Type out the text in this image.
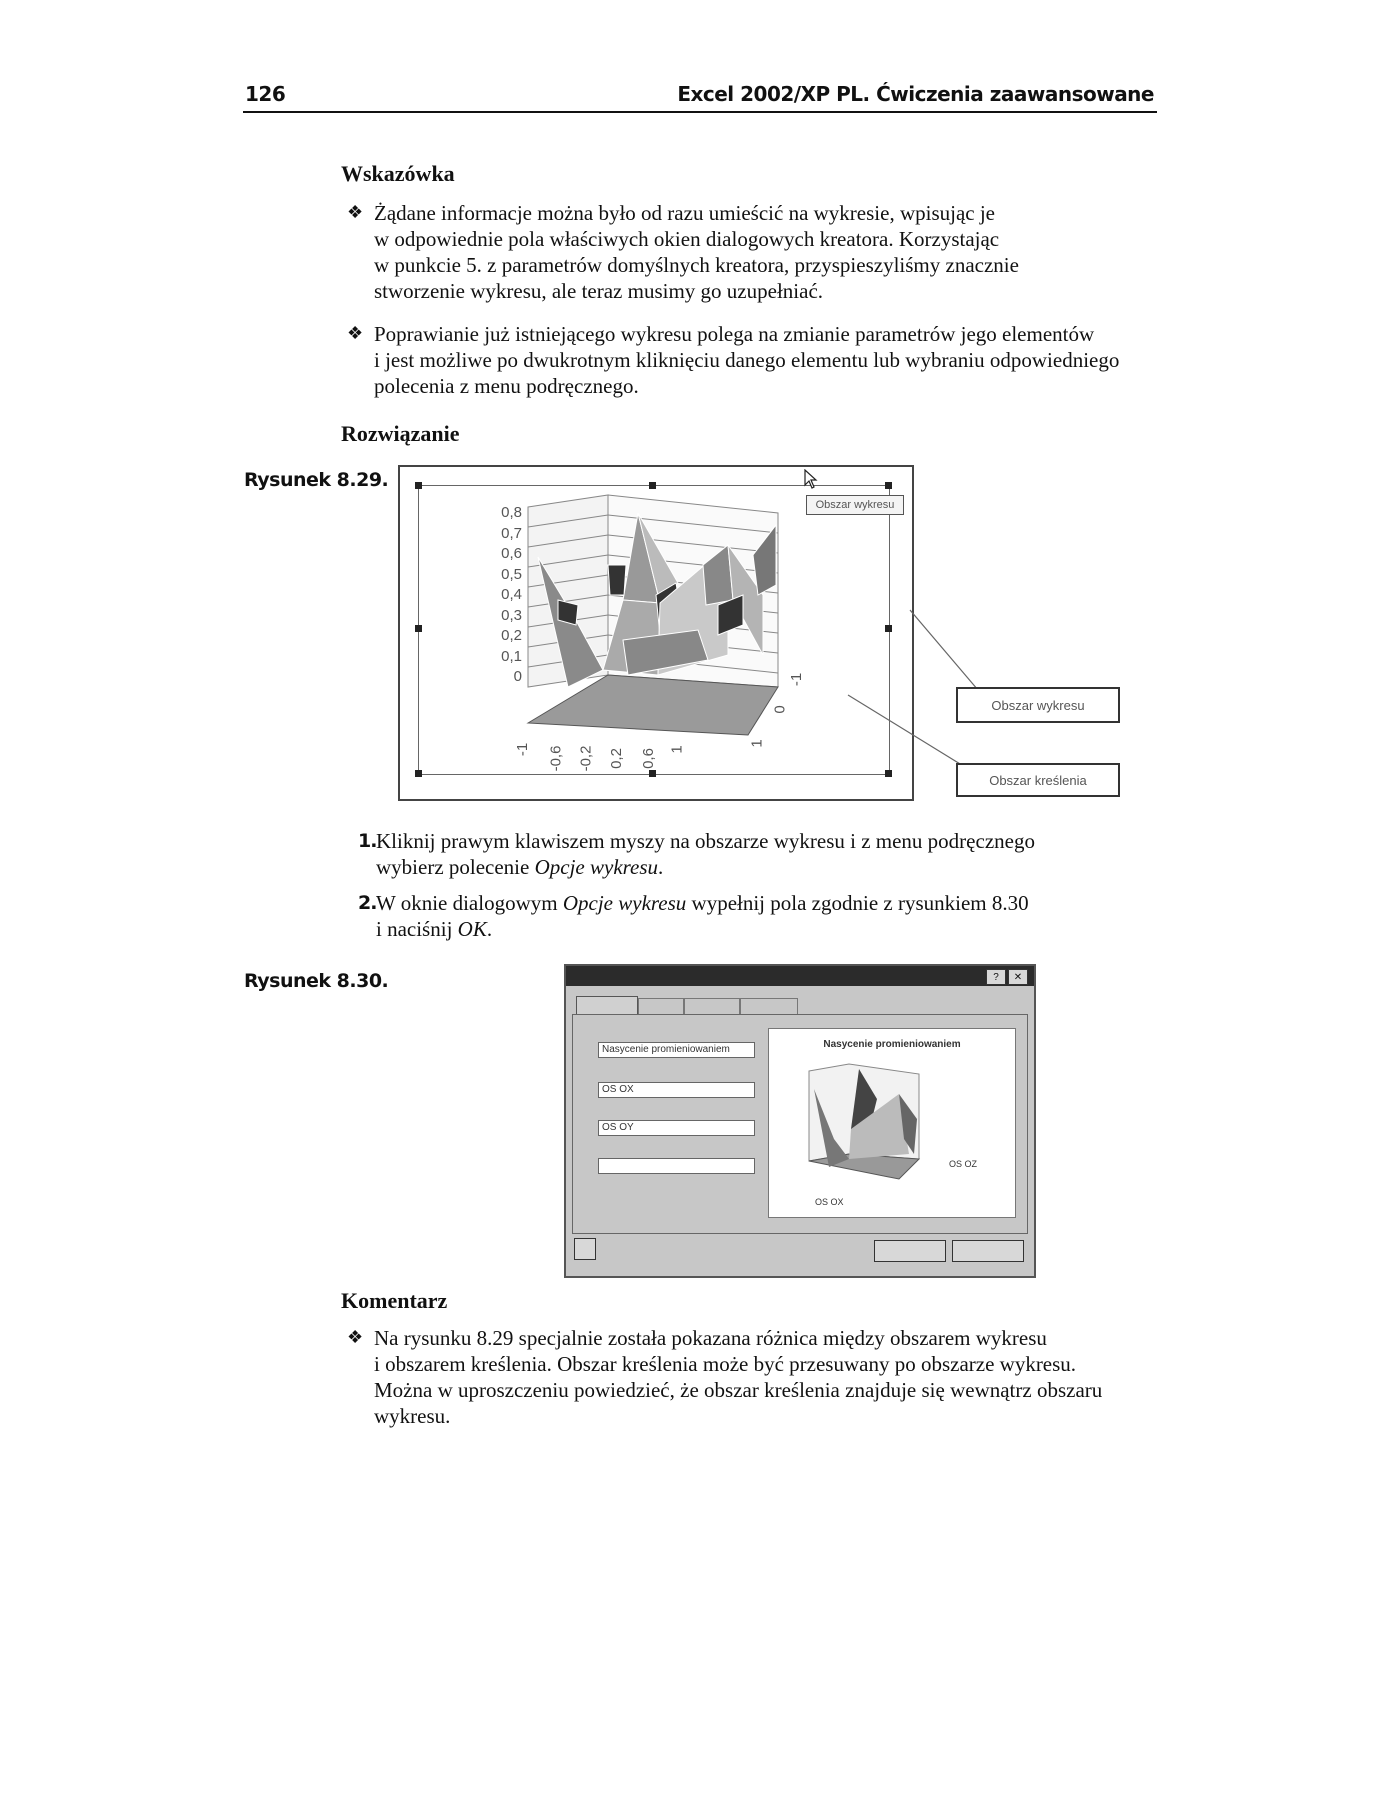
126	Excel 2002/XP PL. Ćwiczenia zaawansowane
Wskazówka
❖ Żądane informacje można było od razu umieścić na wykresie, wpisując je
w odpowiednie pola właściwych okien dialogowych kreatora. Korzystając
w punkcie 5. z parametrów domyślnych kreatora, przyspieszyliśmy znacznie
stworzenie wykresu, ale teraz musimy go uzupełniać.
❖ Poprawianie już istniejącego wykresu polega na zmianie parametrów jego elementów
i jest możliwe po dwukrotnym kliknięciu danego elementu lub wybraniu odpowiedniego
polecenia z menu podręcznego.
Rozwiązanie
Rysunek 8.29.
0,8
0,7
0,6
0,5
0,4
0,3
0,2
0,1
0
-1 -0,6 -0,2 0,2 0,6 1
-1
0
1
Obszar wykresu
Obszar wykresu
Obszar kreślenia
1. Kliknij prawym klawiszem myszy na obszarze wykresu i z menu podręcznego
wybierz polecenie Opcje wykresu.
2. W oknie dialogowym Opcje wykresu wypełnij pola zgodnie z rysunkiem 8.30
i naciśnij OK.
Rysunek 8.30.	?	✕
Nasycenie promieniowaniem
OS OX
OS OY
Nasycenie promieniowaniem
OS OZ
OS OX
Komentarz
❖ Na rysunku 8.29 specjalnie została pokazana różnica między obszarem wykresu
i obszarem kreślenia. Obszar kreślenia może być przesuwany po obszarze wykresu.
Można w uproszczeniu powiedzieć, że obszar kreślenia znajduje się wewnątrz obszaru
wykresu.
